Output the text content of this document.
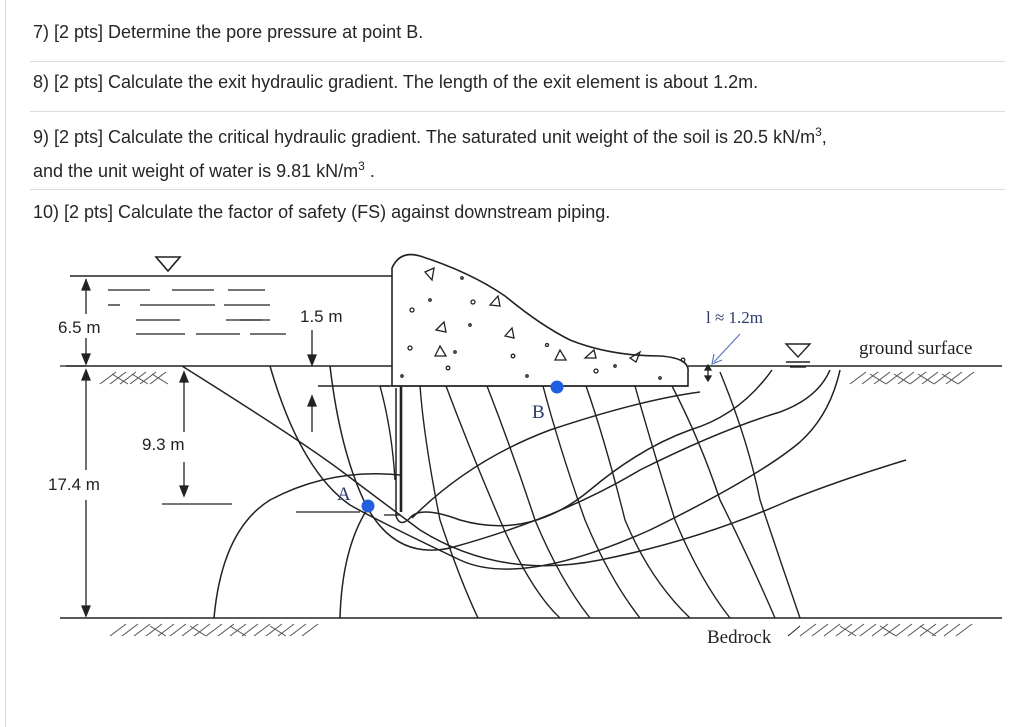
7) [2 pts] Determine the pore pressure at point B.
8) [2 pts] Calculate the exit hydraulic gradient. The length of the exit element is about 1.2m.
9) [2 pts] Calculate the critical hydraulic gradient. The saturated unit weight of the soil is 20.5 $kN/m^3$,
and the unit weight of water is 9.81 $kN/m^3$ .
10) [2 pts] Calculate the factor of safety (FS) against downstream piping.
6.5 m
1.5 m
9.3 m
17.4 m
l ≈ 1.2m
ground surface
Bedrock
A
B
